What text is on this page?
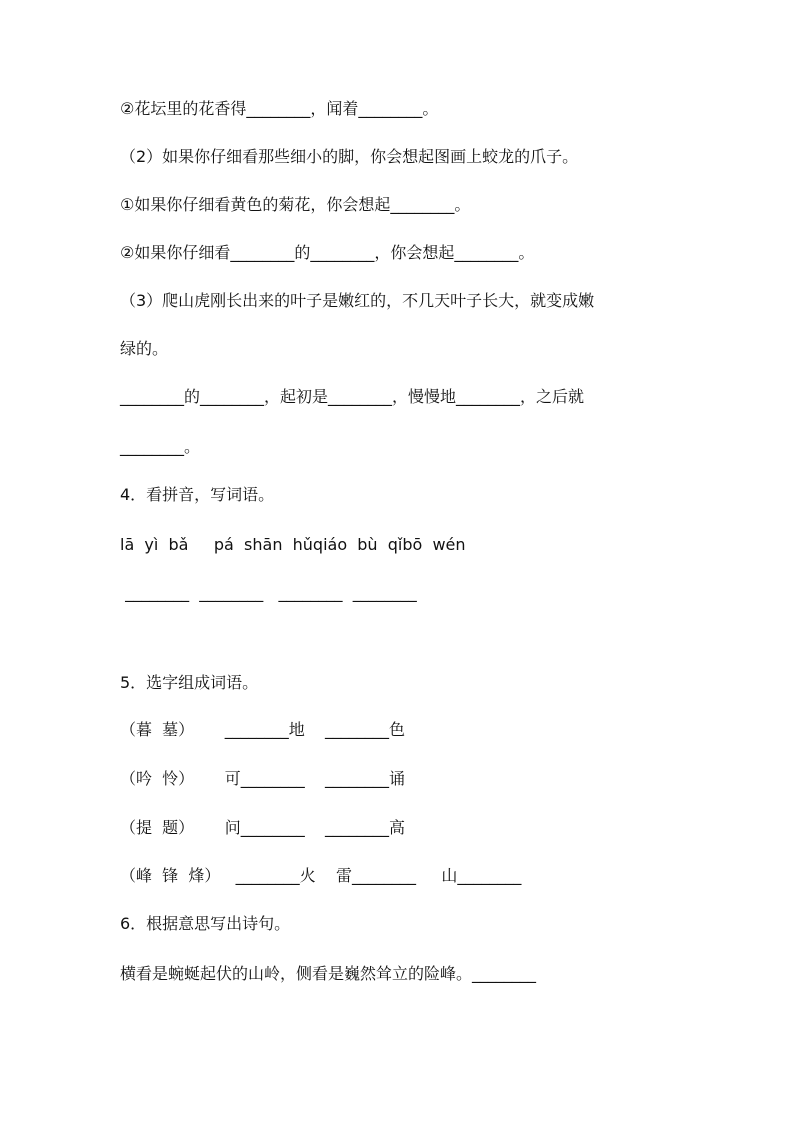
②花坛里的花香得________，闻着________。
（2）如果你仔细看那些细小的脚，你会想起图画上蛟龙的爪子。
①如果你仔细看黄色的菊花，你会想起________。
②如果你仔细看________的________，你会想起________。
（3）爬山虎刚长出来的叶子是嫩红的，不几天叶子长大，就变成嫩
绿的。
________的________，起初是________，慢慢地________，之后就
________。
4．看拼音，写词语。
lā  yì  bǎ     pá  shān  hǔqiáo  bù  qǐbō  wén
________  ________   ________  ________
5．选字组成词语。
（暮  墓）      ________地    ________色
（吟  怜）      可________    ________诵
（提  题）      问________    ________高
（峰  锋  烽）   ________火    雷________     山________
6．根据意思写出诗句。
横看是蜿蜒起伏的山岭，侧看是巍然耸立的险峰。________
